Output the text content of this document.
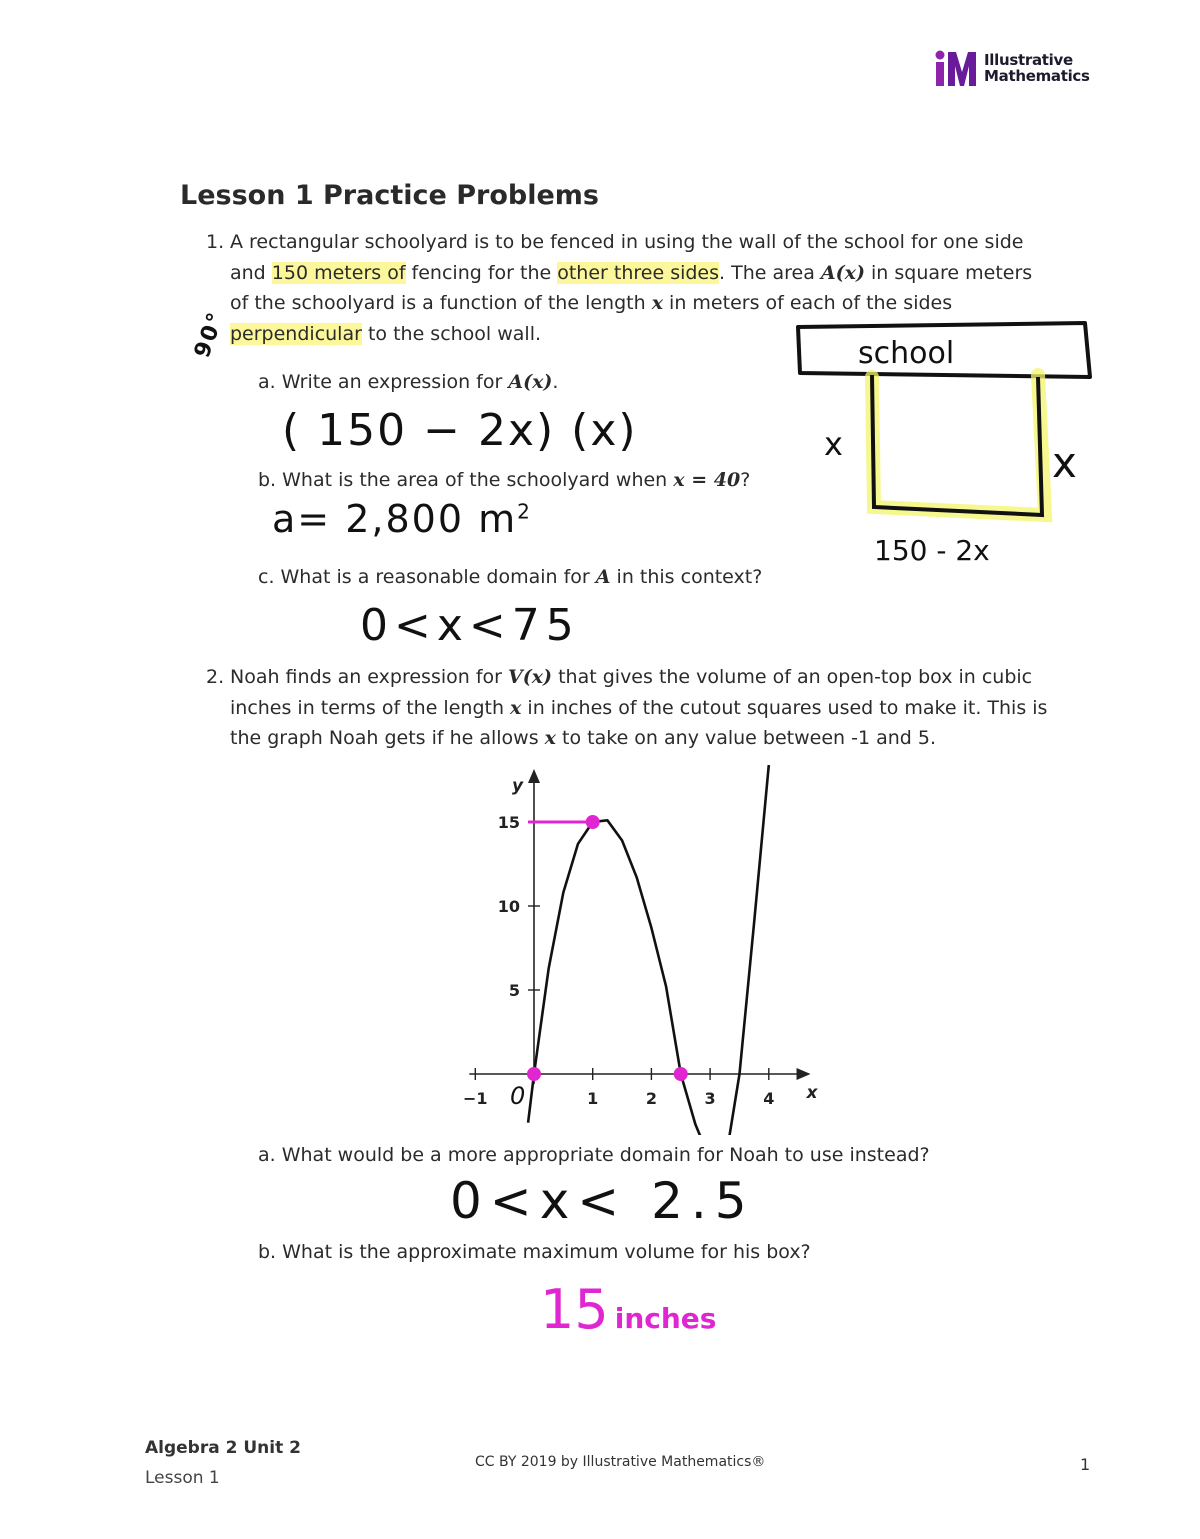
Illustrative
Mathematics
Lesson 1 Practice Problems
1. A rectangular schoolyard is to be fenced in using the wall of the school for one side
and 150 meters of fencing for the other three sides. The area A(x) in square meters
of the schoolyard is a function of the length x in meters of each of the sides
perpendicular to the school wall.
90°
a. Write an expression for A(x).
( 150 − 2x) (x)
b. What is the area of the schoolyard when x = 40?
a= 2,800 $m^2$
c. What is a reasonable domain for A in this context?
0<x<75
school
x	x
150 - 2x
2. Noah finds an expression for V(x) that gives the volume of an open-top box in cubic
inches in terms of the length x in inches of the cutout squares used to make it. This is
the graph Noah gets if he allows x to take on any value between -1 and 5.
x
y
−1	1	2	3	4
5
10
15
0
a. What would be a more appropriate domain for Noah to use instead?
0<x< 2.5
b. What is the approximate maximum volume for his box?
15 inches
Algebra 2 Unit 2
Lesson 1
CC BY 2019 by Illustrative Mathematics®	1
